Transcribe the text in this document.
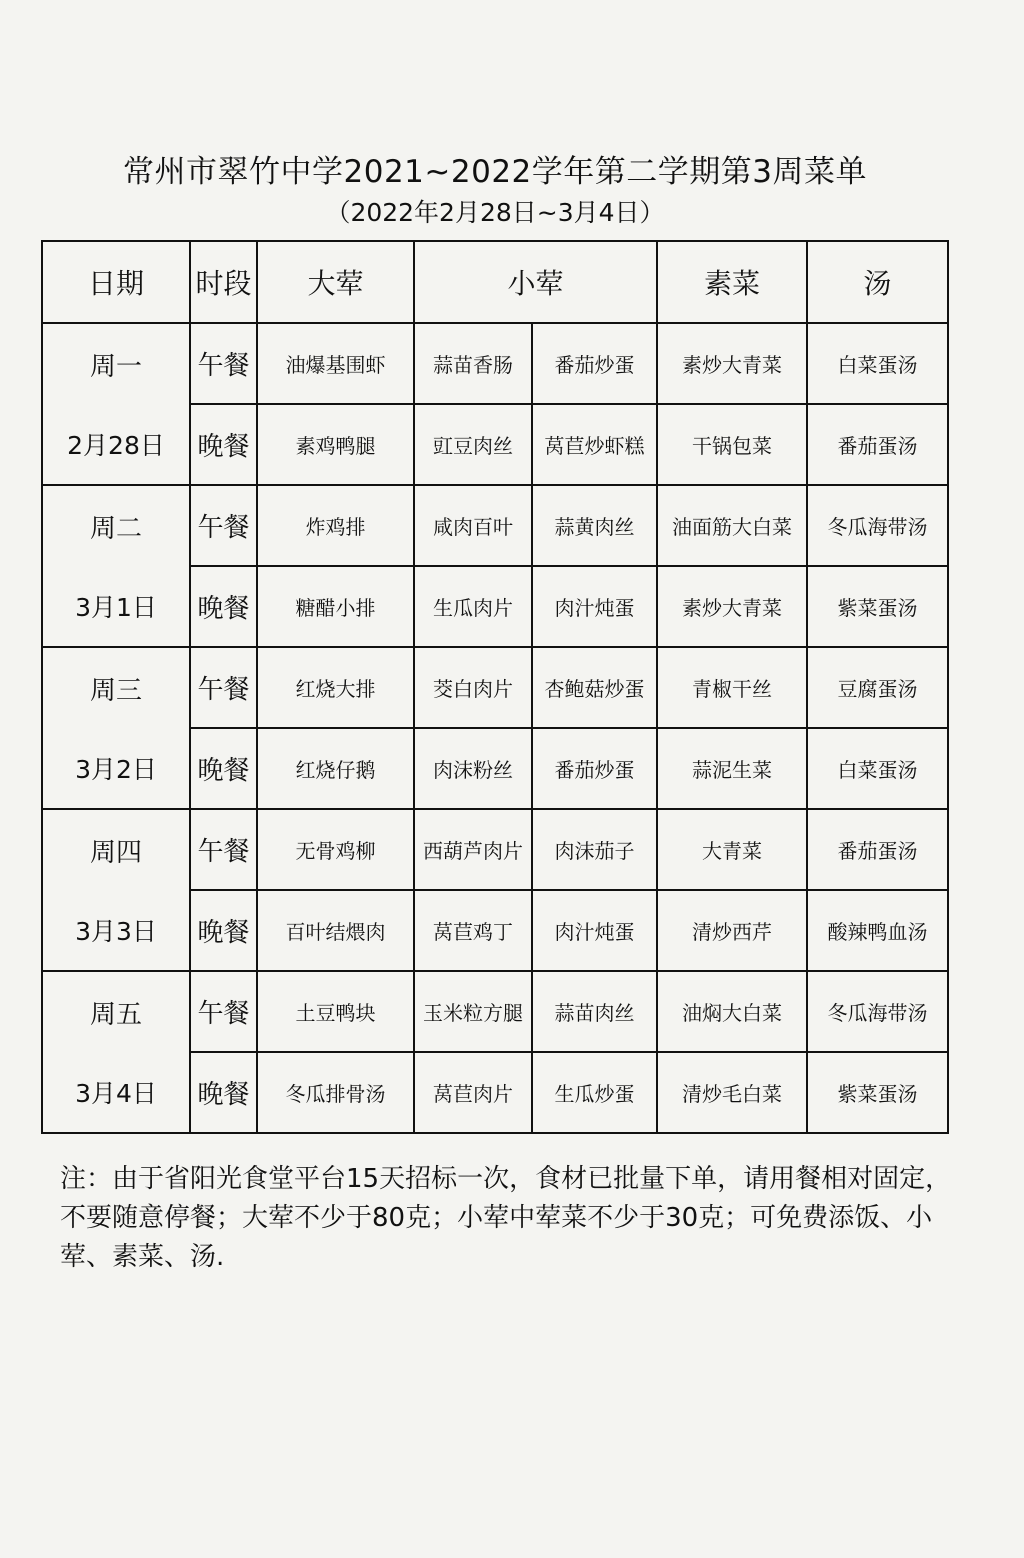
常州市翠竹中学2021~2022学年第二学期第3周菜单
（2022年2月28日~3月4日）
日期	时段	大荤	小荤		素菜	汤
周一	午餐	油爆基围虾	蒜苗香肠	番茄炒蛋	素炒大青菜	白菜蛋汤
2月28日	晚餐	素鸡鸭腿	豇豆肉丝	莴苣炒虾糕	干锅包菜	番茄蛋汤
周二	午餐	炸鸡排	咸肉百叶	蒜黄肉丝	油面筋大白菜	冬瓜海带汤
3月1日	晚餐	糖醋小排	生瓜肉片	肉汁炖蛋	素炒大青菜	紫菜蛋汤
周三	午餐	红烧大排	茭白肉片	杏鲍菇炒蛋	青椒干丝	豆腐蛋汤
3月2日	晚餐	红烧仔鹅	肉沫粉丝	番茄炒蛋	蒜泥生菜	白菜蛋汤
周四	午餐	无骨鸡柳	西葫芦肉片	肉沫茄子	大青菜	番茄蛋汤
3月3日	晚餐	百叶结煨肉	莴苣鸡丁	肉汁炖蛋	清炒西芹	酸辣鸭血汤
周五	午餐	土豆鸭块	玉米粒方腿	蒜苗肉丝	油焖大白菜	冬瓜海带汤
3月4日	晚餐	冬瓜排骨汤	莴苣肉片	生瓜炒蛋	清炒毛白菜	紫菜蛋汤
注：由于省阳光食堂平台15天招标一次，食材已批量下单，请用餐相对固定，不要随意停餐；大荤不少于80克；小荤中荤菜不少于30克；可免费添饭、小荤、素菜、汤.
